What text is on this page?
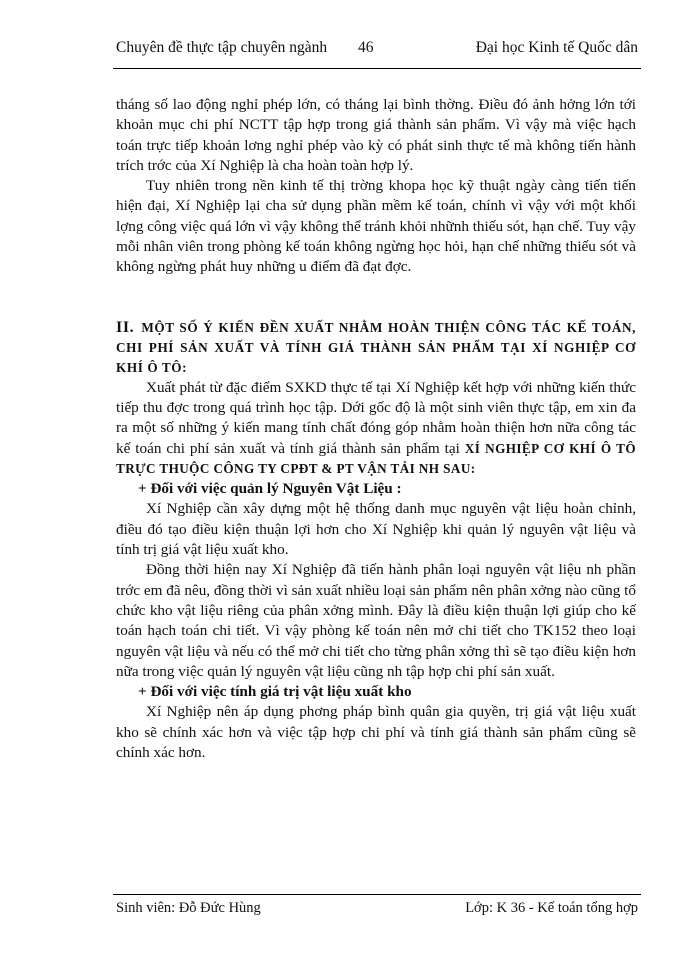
Chuyên đề thực tập chuyên ngành 46	Đại học Kinh tế Quốc dân

tháng số lao động nghỉ phép lớn, có tháng lại bình thờng. Điều đó ảnh hởng lớn tới khoản mục chi phí NCTT tập hợp trong giá thành sản phẩm. Vì vậy mà việc hạch toán trực tiếp khoản lơng nghỉ phép vào kỳ có phát sinh thực tế mà không tiến hành trích trớc của Xí Nghiệp là cha hoàn toàn hợp lý.

Tuy nhiên trong nền kinh tế thị trờng khopa học kỹ thuật ngày càng tiến tiến hiện đại, Xí Nghiệp lại cha sử dụng phần mềm kế toán, chính vì vậy với một khối lợng công việc quá lớn vì vậy không thể tránh khỏi nhữnh thiếu sót, hạn chế. Tuy vậy mỗi nhân viên trong phòng kế toán không ngừng học hỏi, hạn chế những thiếu sót và không ngừng phát huy những u điểm đã đạt đợc.

II. MỘT SỐ Ý KIẾN ĐỀN XUẤT NHẰM HOÀN THIỆN CÔNG TÁC KẾ TOÁN, CHI PHÍ SẢN XUẤT VÀ TÍNH GIÁ THÀNH SẢN PHẨM TẠI XÍ NGHIỆP CƠ KHÍ Ô TÔ:

Xuất phát từ đặc điểm SXKD thực tế tại Xí Nghiệp kết hợp với những kiến thức tiếp thu đợc trong quá trình học tập. Dới gốc độ là một sinh viên thực tập, em xin đa ra một số những ý kiến mang tính chất đóng góp nhằm hoàn thiện hơn nữa công tác kế toán chi phí sản xuất và tính giá thành sản phẩm tại XÍ NGHIỆP CƠ KHÍ Ô TÔ TRỰC THUỘC CÔNG TY CPĐT & PT VẬN TẢI NH SAU:

+ Đối với việc quản lý Nguyên Vật Liệu :

Xí Nghiệp cần xây dựng một hệ thống danh mục nguyên vật liệu hoàn chỉnh, điều đó tạo điều kiện thuận lợi hơn cho Xí Nghiệp khi quản lý nguyên vật liệu và tính trị giá vật liệu xuất kho.

Đồng thời hiện nay Xí Nghiệp đã tiến hành phân loại nguyên vật liệu nh phần trớc em đã nêu, đồng thời vì sản xuất nhiều loại sản phẩm nên phân xởng nào cũng tổ chức kho vật liệu riêng của phân xởng mình. Đây là điều kiện thuận lợi giúp cho kế toán hạch toán chi tiết. Vì vậy phòng kế toán nên mở chi tiết cho TK152 theo loại nguyên vật liệu và nếu có thể mở chi tiết cho từng phân xởng thì sẽ tạo điều kiện hơn nữa trong việc quản lý nguyên vật liệu cũng nh tập hợp chi phí sản xuất.

+ Đối với việc tính giá trị vật liệu xuất kho

Xí Nghiệp nên áp dụng phơng pháp bình quân gia quyền, trị giá vật liệu xuất kho sẽ chính xác hơn và việc tập hợp chi phí và tính giá thành sản phẩm cũng sẽ chính xác hơn.

Sinh viên: Đỗ Đức Hùng	Lớp: K 36 - Kế toán tổng hợp
